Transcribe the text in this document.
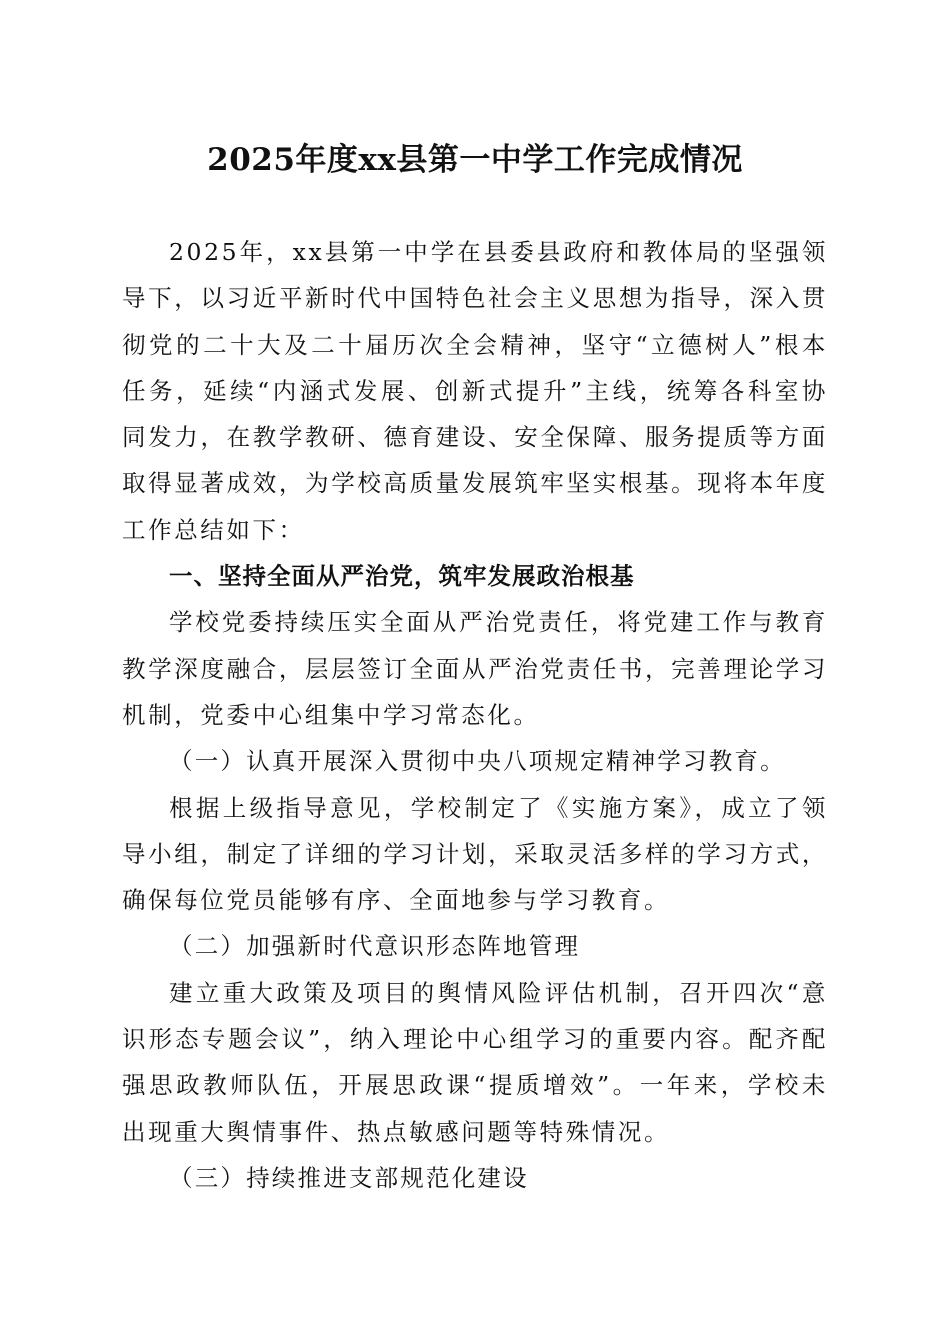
2025年度xx县第一中学工作完成情况

2025年，xx县第一中学在县委县政府和教体局的坚强领导下，以习近平新时代中国特色社会主义思想为指导，深入贯彻党的二十大及二十届历次全会精神，坚守“立德树人”根本任务，延续“内涵式发展、创新式提升”主线，统筹各科室协同发力，在教学教研、德育建设、安全保障、服务提质等方面取得显著成效，为学校高质量发展筑牢坚实根基。现将本年度工作总结如下：

一、坚持全面从严治党，筑牢发展政治根基

学校党委持续压实全面从严治党责任，将党建工作与教育教学深度融合，层层签订全面从严治党责任书，完善理论学习机制，党委中心组集中学习常态化。

（一）认真开展深入贯彻中央八项规定精神学习教育。

根据上级指导意见，学校制定了《实施方案》，成立了领导小组，制定了详细的学习计划，采取灵活多样的学习方式，确保每位党员能够有序、全面地参与学习教育。

（二）加强新时代意识形态阵地管理

建立重大政策及项目的舆情风险评估机制，召开四次“意识形态专题会议”，纳入理论中心组学习的重要内容。配齐配强思政教师队伍，开展思政课“提质增效”。一年来，学校未出现重大舆情事件、热点敏感问题等特殊情况。

（三）持续推进支部规范化建设
